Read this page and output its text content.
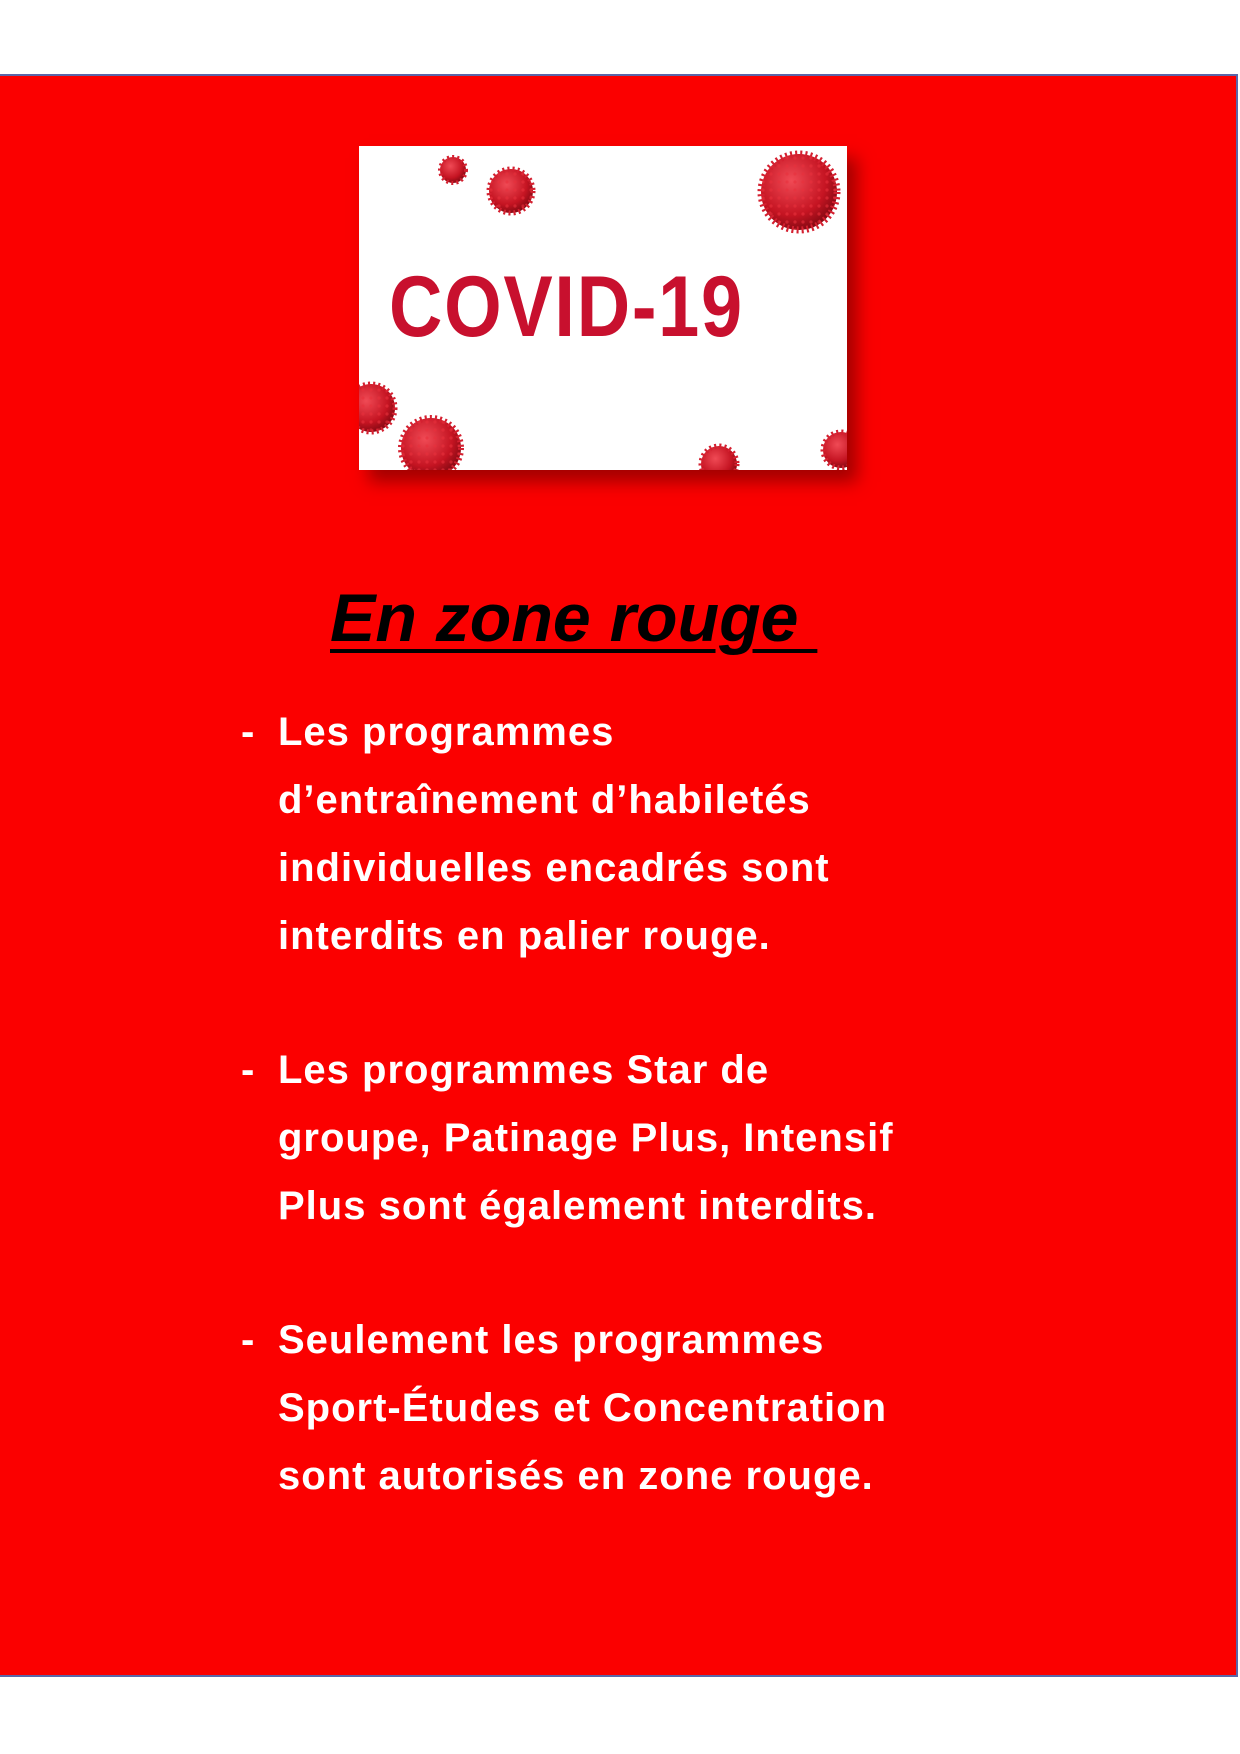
COVID-19
En zone rouge
- Les programmes
d’entraînement d’habiletés
individuelles encadrés sont
interdits en palier rouge.
- Les programmes Star de
groupe, Patinage Plus, Intensif
Plus sont également interdits.
- Seulement les programmes
Sport-Études et Concentration
sont autorisés en zone rouge.
